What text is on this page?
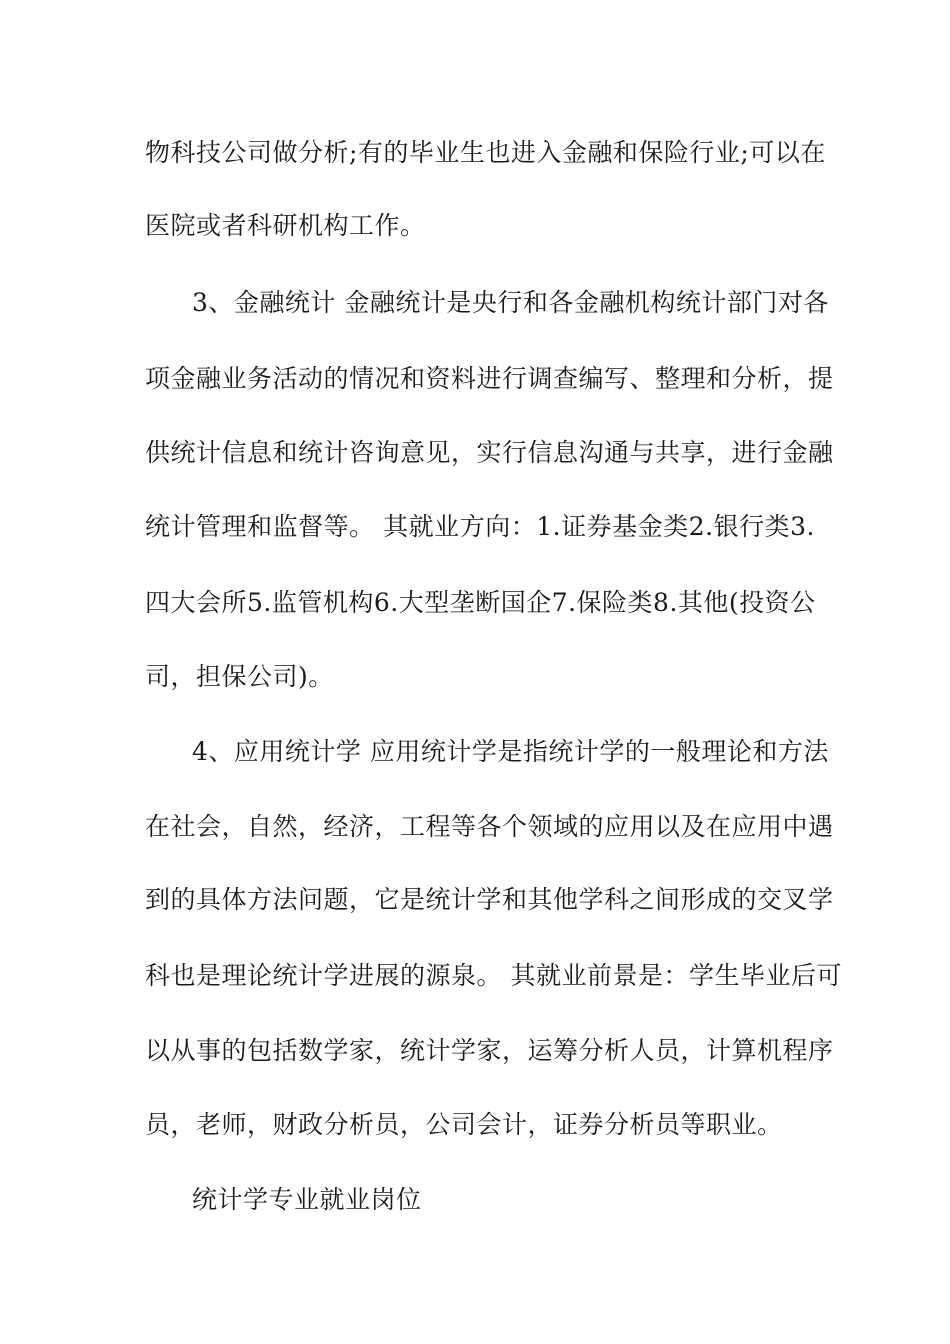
物科技公司做分析;有的毕业生也进入金融和保险行业;可以在
医院或者科研机构工作。
3、金融统计 金融统计是央行和各金融机构统计部门对各
项金融业务活动的情况和资料进行调查编写、整理和分析，提
供统计信息和统计咨询意见，实行信息沟通与共享，进行金融
统计管理和监督等。 其就业方向：1.证券基金类2.银行类3.
四大会所5.监管机构6.大型垄断国企7.保险类8.其他(投资公
司，担保公司)。
4、应用统计学 应用统计学是指统计学的一般理论和方法
在社会，自然，经济，工程等各个领域的应用以及在应用中遇
到的具体方法问题，它是统计学和其他学科之间形成的交叉学
科也是理论统计学进展的源泉。 其就业前景是：学生毕业后可
以从事的包括数学家，统计学家，运筹分析人员，计算机程序
员，老师，财政分析员，公司会计，证券分析员等职业。
统计学专业就业岗位
